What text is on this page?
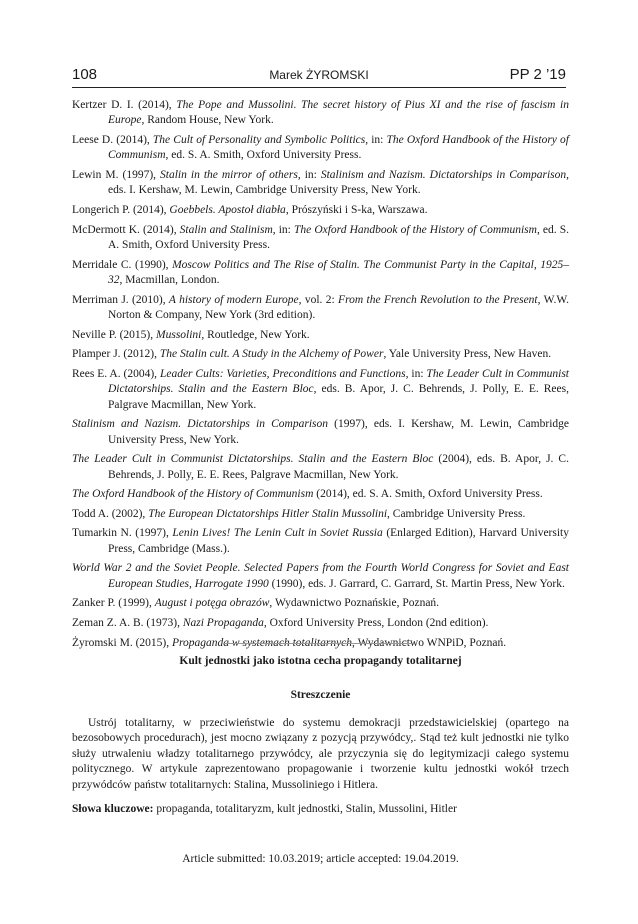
108	Marek ŻYROMSKI	PP 2 ’19

Kertzer D. I. (2014), The Pope and Mussolini. The secret history of Pius XI and the rise of fascism in Europe, Random House, New York.

Leese D. (2014), The Cult of Personality and Symbolic Politics, in: The Oxford Handbook of the History of Communism, ed. S. A. Smith, Oxford University Press.

Lewin M. (1997), Stalin in the mirror of others, in: Stalinism and Nazism. Dictatorships in Comparison, eds. I. Kershaw, M. Lewin, Cambridge University Press, New York.

Longerich P. (2014), Goebbels. Apostoł diabła, Prószyński i S-ka, Warszawa.

McDermott K. (2014), Stalin and Stalinism, in: The Oxford Handbook of the History of Communism, ed. S. A. Smith, Oxford University Press.

Merridale C. (1990), Moscow Politics and The Rise of Stalin. The Communist Party in the Capital, 1925–32, Macmillan, London.

Merriman J. (2010), A history of modern Europe, vol. 2: From the French Revolution to the Present, W.W. Norton & Company, New York (3rd edition).

Neville P. (2015), Mussolini, Routledge, New York.

Plamper J. (2012), The Stalin cult. A Study in the Alchemy of Power, Yale University Press, New Haven.

Rees E. A. (2004), Leader Cults: Varieties, Preconditions and Functions, in: The Leader Cult in Communist Dictatorships. Stalin and the Eastern Bloc, eds. B. Apor, J. C. Behrends, J. Polly, E. E. Rees, Palgrave Macmillan, New York.

Stalinism and Nazism. Dictatorships in Comparison (1997), eds. I. Kershaw, M. Lewin, Cambridge University Press, New York.

The Leader Cult in Communist Dictatorships. Stalin and the Eastern Bloc (2004), eds. B. Apor, J. C. Behrends, J. Polly, E. E. Rees, Palgrave Macmillan, New York.

The Oxford Handbook of the History of Communism (2014), ed. S. A. Smith, Oxford University Press.

Todd A. (2002), The European Dictatorships Hitler Stalin Mussolini, Cambridge University Press.

Tumarkin N. (1997), Lenin Lives! The Lenin Cult in Soviet Russia (Enlarged Edition), Harvard University Press, Cambridge (Mass.).

World War 2 and the Soviet People. Selected Papers from the Fourth World Congress for Soviet and East European Studies, Harrogate 1990 (1990), eds. J. Garrard, C. Garrard, St. Martin Press, New York.

Zanker P. (1999), August i potęga obrazów, Wydawnictwo Poznańskie, Poznań.

Zeman Z. A. B. (1973), Nazi Propaganda, Oxford University Press, London (2nd edition).

Żyromski M. (2015), Propaganda w systemach totalitarnych, Wydawnictwo WNPiD, Poznań.

Kult jednostki jako istotna cecha propagandy totalitarnej
Streszczenie

Ustrój totalitarny, w przeciwieństwie do systemu demokracji przedstawicielskiej (opartego na bezosobowych procedurach), jest mocno związany z pozycją przywódcy,. Stąd też kult jednostki nie tylko służy utrwaleniu władzy totalitarnego przywódcy, ale przyczynia się do legitymizacji całego systemu politycznego. W artykule zaprezentowano propagowanie i tworzenie kultu jednostki wokół trzech przywódców państw totalitarnych: Stalina, Mussoliniego i Hitlera.

Słowa kluczowe: propaganda, totalitaryzm, kult jednostki, Stalin, Mussolini, Hitler

Article submitted: 10.03.2019; article accepted: 19.04.2019.
